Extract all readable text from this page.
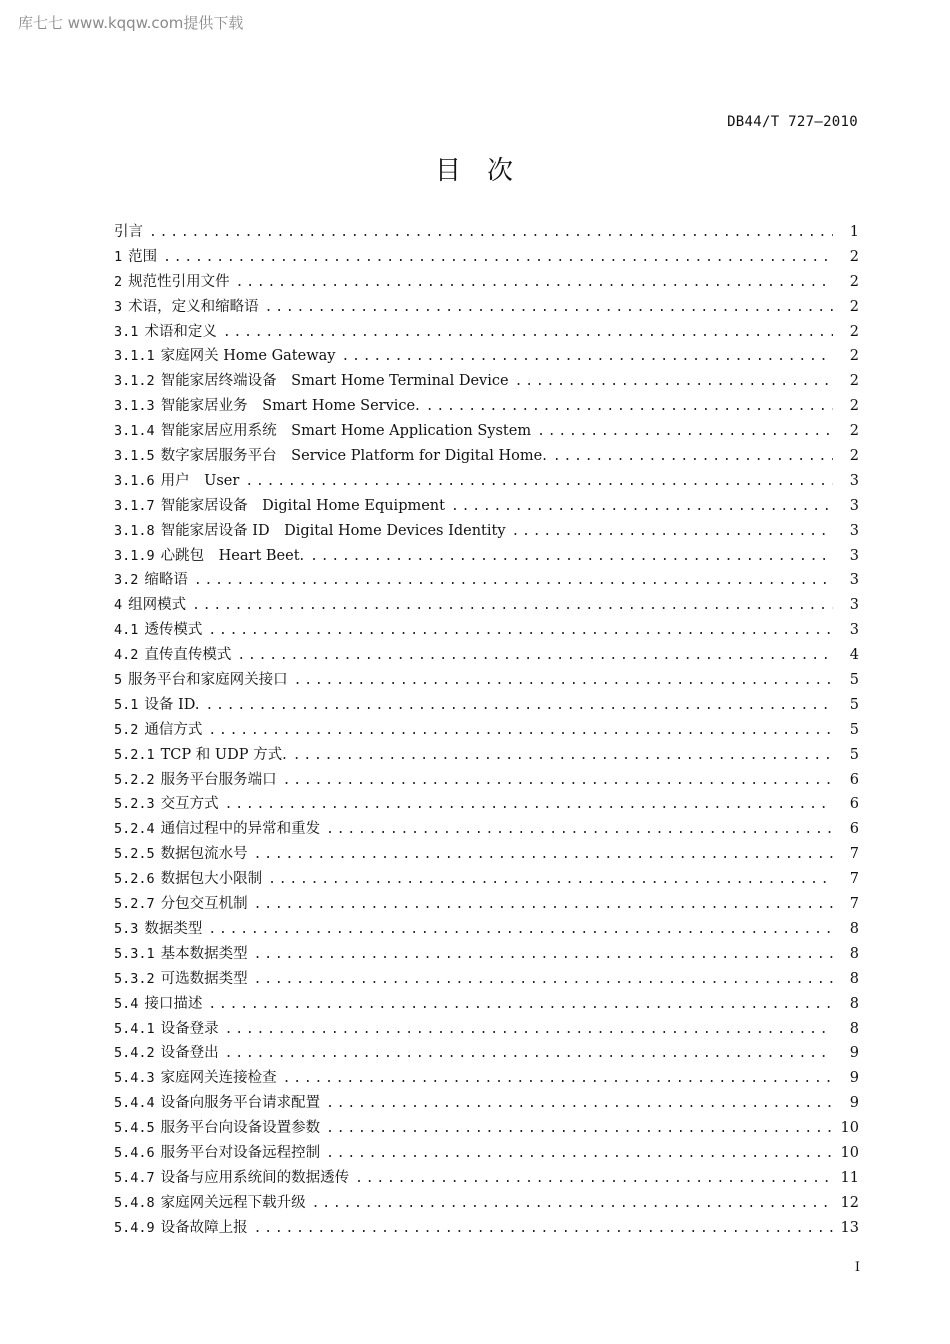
库七七 www.kqqw.com提供下载
DB44/T 727—2010
目次
引言 .....	1
1 范围 .....	2
2 规范性引用文件 .....	2
3 术语，定义和缩略语 .....	2
3.1 术语和定义 .....	2
3.1.1 家庭网关 Home Gateway .....	2
3.1.2 智能家居终端设备　Smart Home Terminal Device .....	2
3.1.3 智能家居业务　Smart Home Service. .....	2
3.1.4 智能家居应用系统　Smart Home Application System .....	2
3.1.5 数字家居服务平台　Service Platform for Digital Home. .....	2
3.1.6 用户　User .....	3
3.1.7 智能家居设备　Digital Home Equipment .....	3
3.1.8 智能家居设备 ID　Digital Home Devices Identity .....	3
3.1.9 心跳包　Heart Beet. .....	3
3.2 缩略语 .....	3
4 组网模式 .....	3
4.1 透传模式 .....	3
4.2 直传直传模式 .....	4
5 服务平台和家庭网关接口 .....	5
5.1 设备 ID. .....	5
5.2 通信方式 .....	5
5.2.1 TCP 和 UDP 方式. .....	5
5.2.2 服务平台服务端口 .....	6
5.2.3 交互方式 .....	6
5.2.4 通信过程中的异常和重发 .....	6
5.2.5 数据包流水号 .....	7
5.2.6 数据包大小限制 .....	7
5.2.7 分包交互机制 .....	7
5.3 数据类型 .....	8
5.3.1 基本数据类型 .....	8
5.3.2 可选数据类型 .....	8
5.4 接口描述 .....	8
5.4.1 设备登录 .....	8
5.4.2 设备登出 .....	9
5.4.3 家庭网关连接检查 .....	9
5.4.4 设备向服务平台请求配置 .....	9
5.4.5 服务平台向设备设置参数 .....	10
5.4.6 服务平台对设备远程控制 .....	10
5.4.7 设备与应用系统间的数据透传 .....	11
5.4.8 家庭网关远程下载升级 .....	12
5.4.9 设备故障上报 .....	13
I
